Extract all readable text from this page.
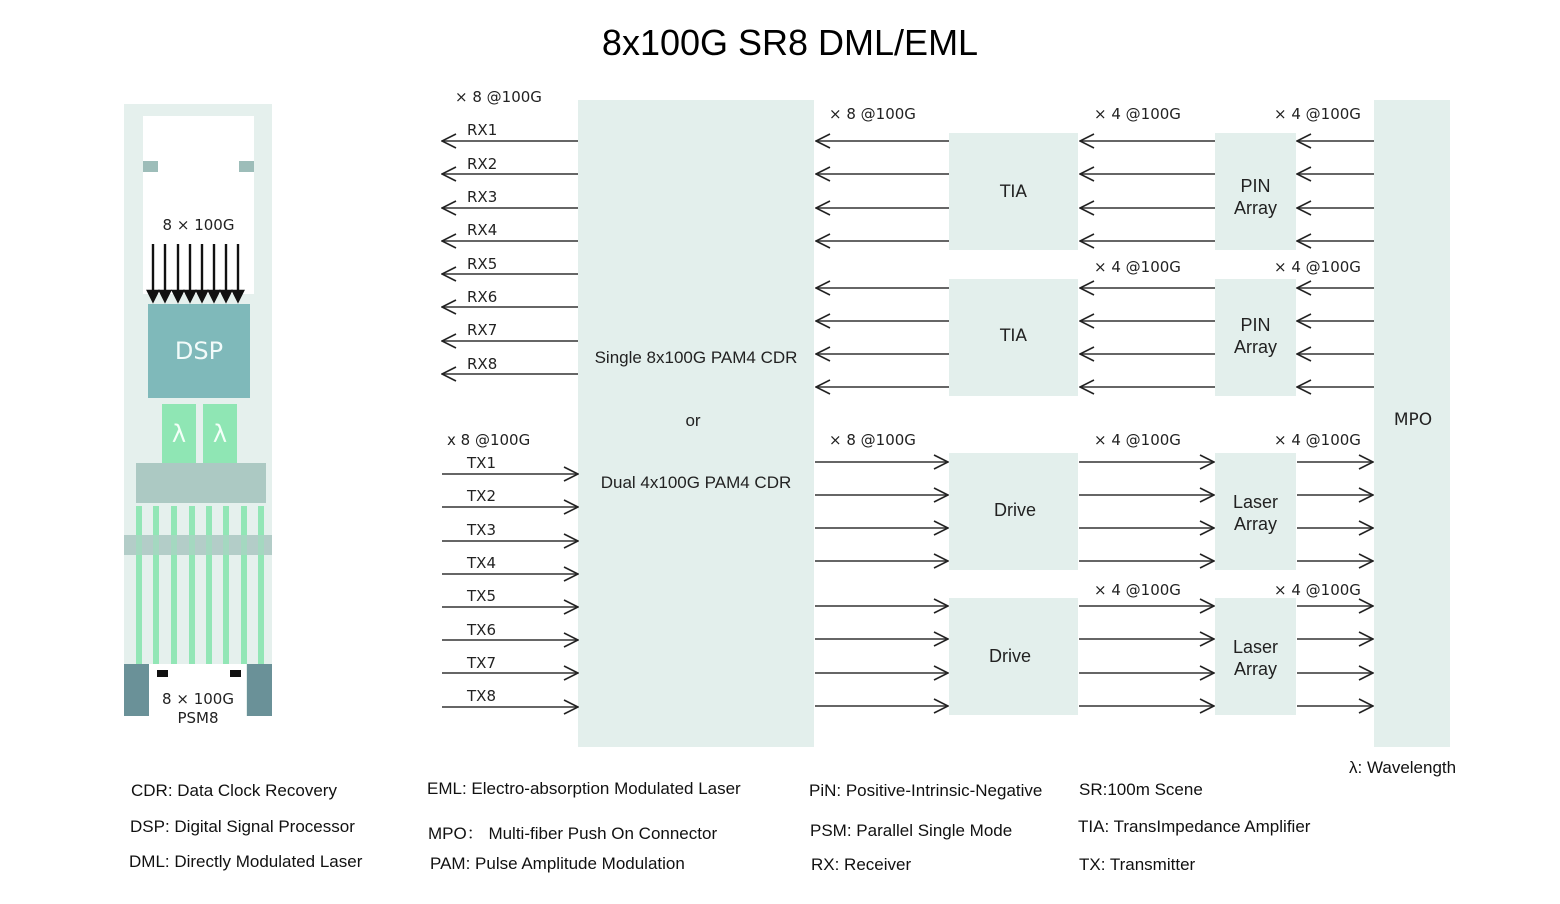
8x100G SR8 DML/EML
8 × 100G
DSP
λ	λ
8 × 100G
PSM8
× 8 @100G
RX1
RX2
RX3
RX4
RX5
RX6
RX7
RX8
x 8 @100G
TX1
TX2
TX3
TX4
TX5
TX6
TX7
TX8
Single 8x100G PAM4 CDR
or
Dual 4x100G PAM4 CDR
× 8 @100G	× 4 @100G	× 4 @100G
× 4 @100G	× 4 @100G
× 8 @100G	× 4 @100G	× 4 @100G
× 4 @100G	× 4 @100G
TIA
TIA
PIN
Array
PIN
Array
Drive
Drive
Laser
Array
Laser
Array
MPO
λ: Wavelength
CDR: Data Clock Recovery
DSP: Digital Signal Processor
DML: Directly Modulated Laser
EML: Electro-absorption Modulated Laser
MPO： Multi-fiber Push On Connector
PAM: Pulse Amplitude Modulation
PiN: Positive-Intrinsic-Negative
PSM: Parallel Single Mode
RX: Receiver
SR:100m Scene
TIA: TransImpedance Amplifier
TX: Transmitter
